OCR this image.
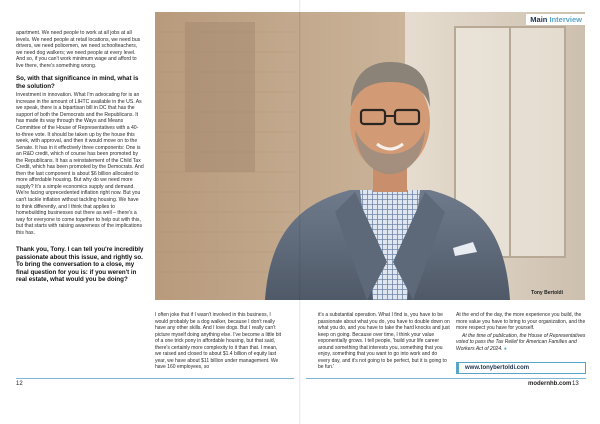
Tony Bertoldi
Main Interview

apartment. We need people to work at all jobs at all levels. We need people at retail locations, we need bus drivers, we need policemen, we need schoolteachers, we need dog walkers; we need people at every level. And so, if you can't work minimum wage and afford to live there, there's something wrong.

So, with that significance in mind, what is the solution?

Investment in innovation. What I'm advocating for is an increase in the amount of LIHTC available in the US. As we speak, there is a bipartisan bill in DC that has the support of both the Democrats and the Republicans. It has made its way through the Ways and Means Committee of the House of Representatives with a 40-to-three vote. It should be taken up by the house this week, with approval, and then it would move on to the Senate. It has in it effectively three components: One is an R&D credit, which of course has been promoted by the Republicans. It has a reinstatement of the Child Tax Credit, which has been promoted by the Democrats. And then the last component is about $6 billion allocated to more affordable housing. But why do we need more supply? It's a simple economics supply and demand. We're facing unprecedented inflation right now. But you can't tackle inflation without tackling housing. We have to think differently, and I think that applies to homebuilding businesses out there as well – there's a way for everyone to come together to help out with this, but that starts with raising awareness of the implications this has.

Thank you, Tony. I can tell you're incredibly passionate about this issue, and rightly so. To bring the conversation to a close, my final question for you is: if you weren't in real estate, what would you be doing?

I often joke that if I wasn't involved in this business, I would probably be a dog walker, because I don't really have any other skills. And I love dogs. But I really can't picture myself doing anything else. I've become a little bit of a one trick pony in affordable housing, but that said, there's certainly more complexity to it than that. I mean, we raised and closed to about $1.4 billion of equity last year, we have about $11 billion under management. We have 160 employees, so

it's a substantial operation. What I find is, you have to be passionate about what you do, you have to double down on what you do, and you have to take the hard knocks and just keep on going. Because over time, I think your value exponentially grows. I tell people, 'build your life career around something that interests you, something that you enjoy, something that you want to go into work and do every day, and it's not going to be perfect, but it is going to be fun.'

At the end of the day, the more experience you build, the more value you have to bring to your organization, and the more respect you have for yourself.

At the time of publication, the House of Representatives voted to pass the Tax Relief for American Families and Workers Act of 2024. ●

www.tonybertoldi.com
12	modernhb.com 13
